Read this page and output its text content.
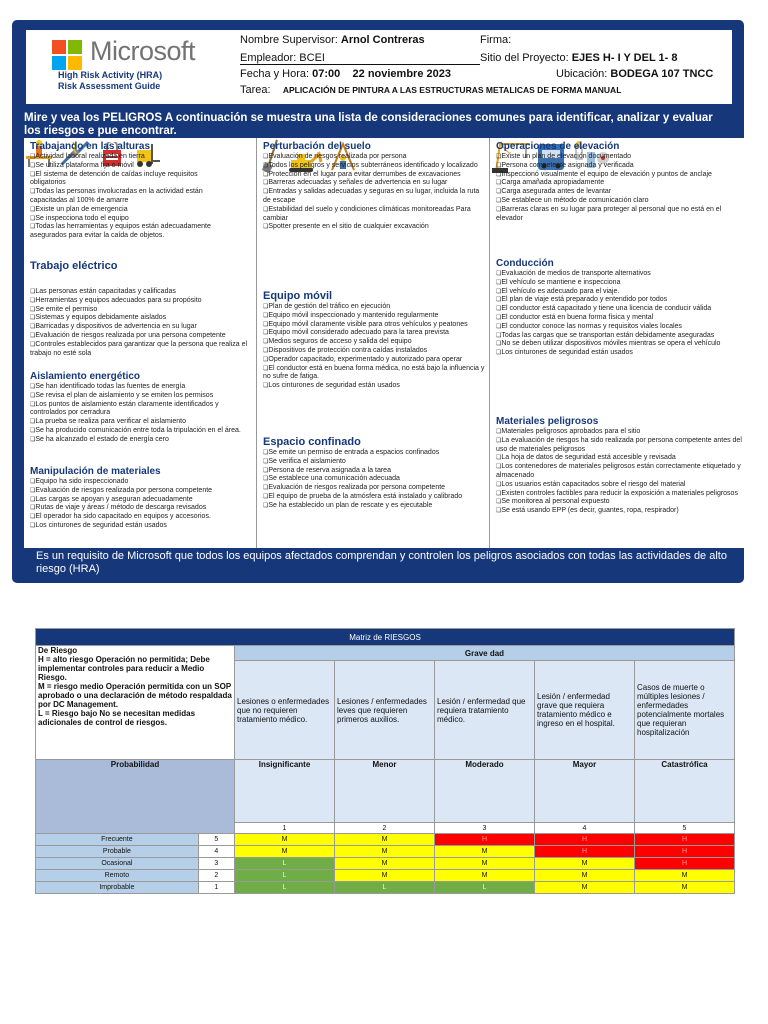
Microsoft
High Risk Activity (HRA)
Risk Assessment Guide
Nombre Supervisor: Arnol Contreras	Firma:
Empleador: BCEI	Sitio del Proyecto: EJES H- I Y DEL 1- 8
Fecha y Hora: 07:00 22 noviembre 2023	Ubicación: BODEGA 107 TNCC
Tarea: APLICACIÓN DE PINTURA A LAS ESTRUCTURAS METALICAS DE FORMA MANUAL
Mire y vea los PELIGROS A continuación se muestra una lista de consideraciones comunes para identificar, analizar y evaluar los riesgos e pue encontrar.
Trabajando en las alturas
❏ Actividad laboral realizada en tierra
❏ Se utiliza plataforma fija o móvil
❏ El sistema de detención de caídas incluye requisitos obligatorios
❏ Todas las personas involucradas en la actividad están capacitadas al 100% de amarre
❏ Existe un plan de emergencia
❏ Se inspecciona todo el equipo
❏ Todas las herramientas y equipos están adecuadamente asegurados para evitar la caída de objetos.

Trabajo eléctrico
❏ Las personas están capacitadas y calificadas
❏ Herramientas y equipos adecuados para su propósito
❏ Se emite el permiso
❏ Sistemas y equipos debidamente aislados
❏ Barricadas y dispositivos de advertencia en su lugar
❏ Evaluación de riesgos realizada por una persona competente
❏ Controles establecidos para garantizar que la persona que realiza el trabajo no esté sola

Aislamiento energético
❏ Se han identificado todas las fuentes de energía
❏ Se revisa el plan de aislamiento y se emiten los permisos
❏ Los puntos de aislamiento están claramente identificados y controlados por cerradura
❏ La prueba se realiza para verificar el aislamiento
❏ Se ha producido comunicación entre toda la tripulación en el área.
❏ Se ha alcanzado el estado de energía cero

Manipulación de materiales
❏ Equipo ha sido inspeccionado
❏ Evaluación de riesgos realizada por persona competente
❏ Las cargas se apoyan y aseguran adecuadamente
❏ Rutas de viaje y áreas / método de descarga revisados
❏ El operador ha sido capacitado en equipos y accesorios.
❏ Los cinturones de seguridad están usados
Perturbación del suelo
❏ Evaluación de riesgos realizada por persona
❏ Todos los peligros y servicios subterráneos identificado y localizado
❏ Protección en el lugar para evitar derrumbes de excavaciones
❏ Barreras adecuadas y señales de advertencia en su lugar
❏ Entradas y salidas adecuadas y seguras en su lugar, incluida la ruta de escape
❏ Estabilidad del suelo y condiciones climáticas monitoreadas Para cambiar
❏ Spotter presente en el sitio de cualquier excavación

Equipo móvil
❏ Plan de gestión del tráfico en ejecución
❏ Equipo móvil inspeccionado y mantenido regularmente
❏ Equipo móvil claramente visible para otros vehículos y peatones
❏ Equipo móvil considerado adecuado para la tarea prevista
❏ Medios seguros de acceso y salida del equipo
❏ Dispositivos de protección contra caídas instalados
❏ Operador capacitado, experimentado y autorizado para operar
❏ El conductor está en buena forma médica, no está bajo la influencia y no sufre de fatiga.
❏ Los cinturones de seguridad están usados

Espacio confinado
❏ Se emite un permiso de entrada a espacios confinados
❏ Se verifica el aislamiento
❏ Persona de reserva asignada a la tarea
❏ Se establece una comunicación adecuada
❏ Evaluación de riesgos realizada por persona competente
❏ El equipo de prueba de la atmósfera está instalado y calibrado
❏ Se ha establecido un plan de rescate y es ejecutable
Operaciones de elevación
❏ Existe un plan de elevación documentado
❏ Persona competente asignada y verificada
❏ Inspeccionó visualmente el equipo de elevación y puntos de anclaje
❏ Carga amañada apropiadamente
❏ Carga asegurada antes de levantar
❏ Se establece un método de comunicación claro
❏ Barreras claras en su lugar para proteger al personal que no está en el elevador

Conducción
❏ Evaluación de medios de transporte alternativos
❏ El vehículo se mantiene e inspecciona
❏ El vehículo es adecuado para el viaje.
❏ El plan de viaje está preparado y entendido por todos
❏ El conductor está capacitado y tiene una licencia de conducir válida
❏ El conductor está en buena forma física y mental
❏ El conductor conoce las normas y requisitos viales locales
❏ Todas las cargas que se transportan están debidamente aseguradas
❏ No se deben utilizar dispositivos móviles mientras se opera el vehículo
❏ Los cinturones de seguridad están usados

Materiales peligrosos
❏ Materiales peligrosos aprobados para el sitio
❏ La evaluación de riesgos ha sido realizada por persona competente antes del uso de materiales peligrosos
❏ La hoja de datos de seguridad está accesible y revisada
❏ Los contenedores de materiales peligrosos están correctamente etiquetado y almacenado
❏ Los usuarios están capacitados sobre el riesgo del material
❏ Existen controles factibles para reducir la exposición a materiales peligrosos
❏ Se monitorea al personal expuesto
❏ Se está usando EPP (es decir, guantes, ropa, respirador)
Es un requisito de Microsoft que todos los equipos afectados comprendan y controlen los peligros asociados con todas las actividades de alto riesgo (HRA)
Matriz de RIESGOS						
De Riesgo
H = alto riesgo Operación no permitida; Debe implementar controles para reducir a Medio Riesgo.
M = riesgo medio Operación permitida con un SOP aprobado o una declaración de método respaldada por DC Management.
L = Riesgo bajo No se necesitan medidas adicionales de control de riesgos.		Grave dad				
		Lesiones o enfermedades que no requieren tratamiento médico.	Lesiones / enfermedades leves que requieren primeros auxilios.	Lesión / enfermedad que requiera tratamiento médico.	Lesión / enfermedad grave que requiera tratamiento médico e ingreso en el hospital.	Casos de muerte o múltiples lesiones / enfermedades potencialmente mortales que requieran hospitalización
Probabilidad		Insignificante	Menor	Moderado	Mayor	Catastrófica
		1	2	3	4	5
Frecuente	5	M	M	H	H	H
Probable	4	M	M	M	H	H
Ocasional	3	L	M	M	M	H
Remoto	2	L	M	M	M	M
Improbable	1	L	L	L	M	M
